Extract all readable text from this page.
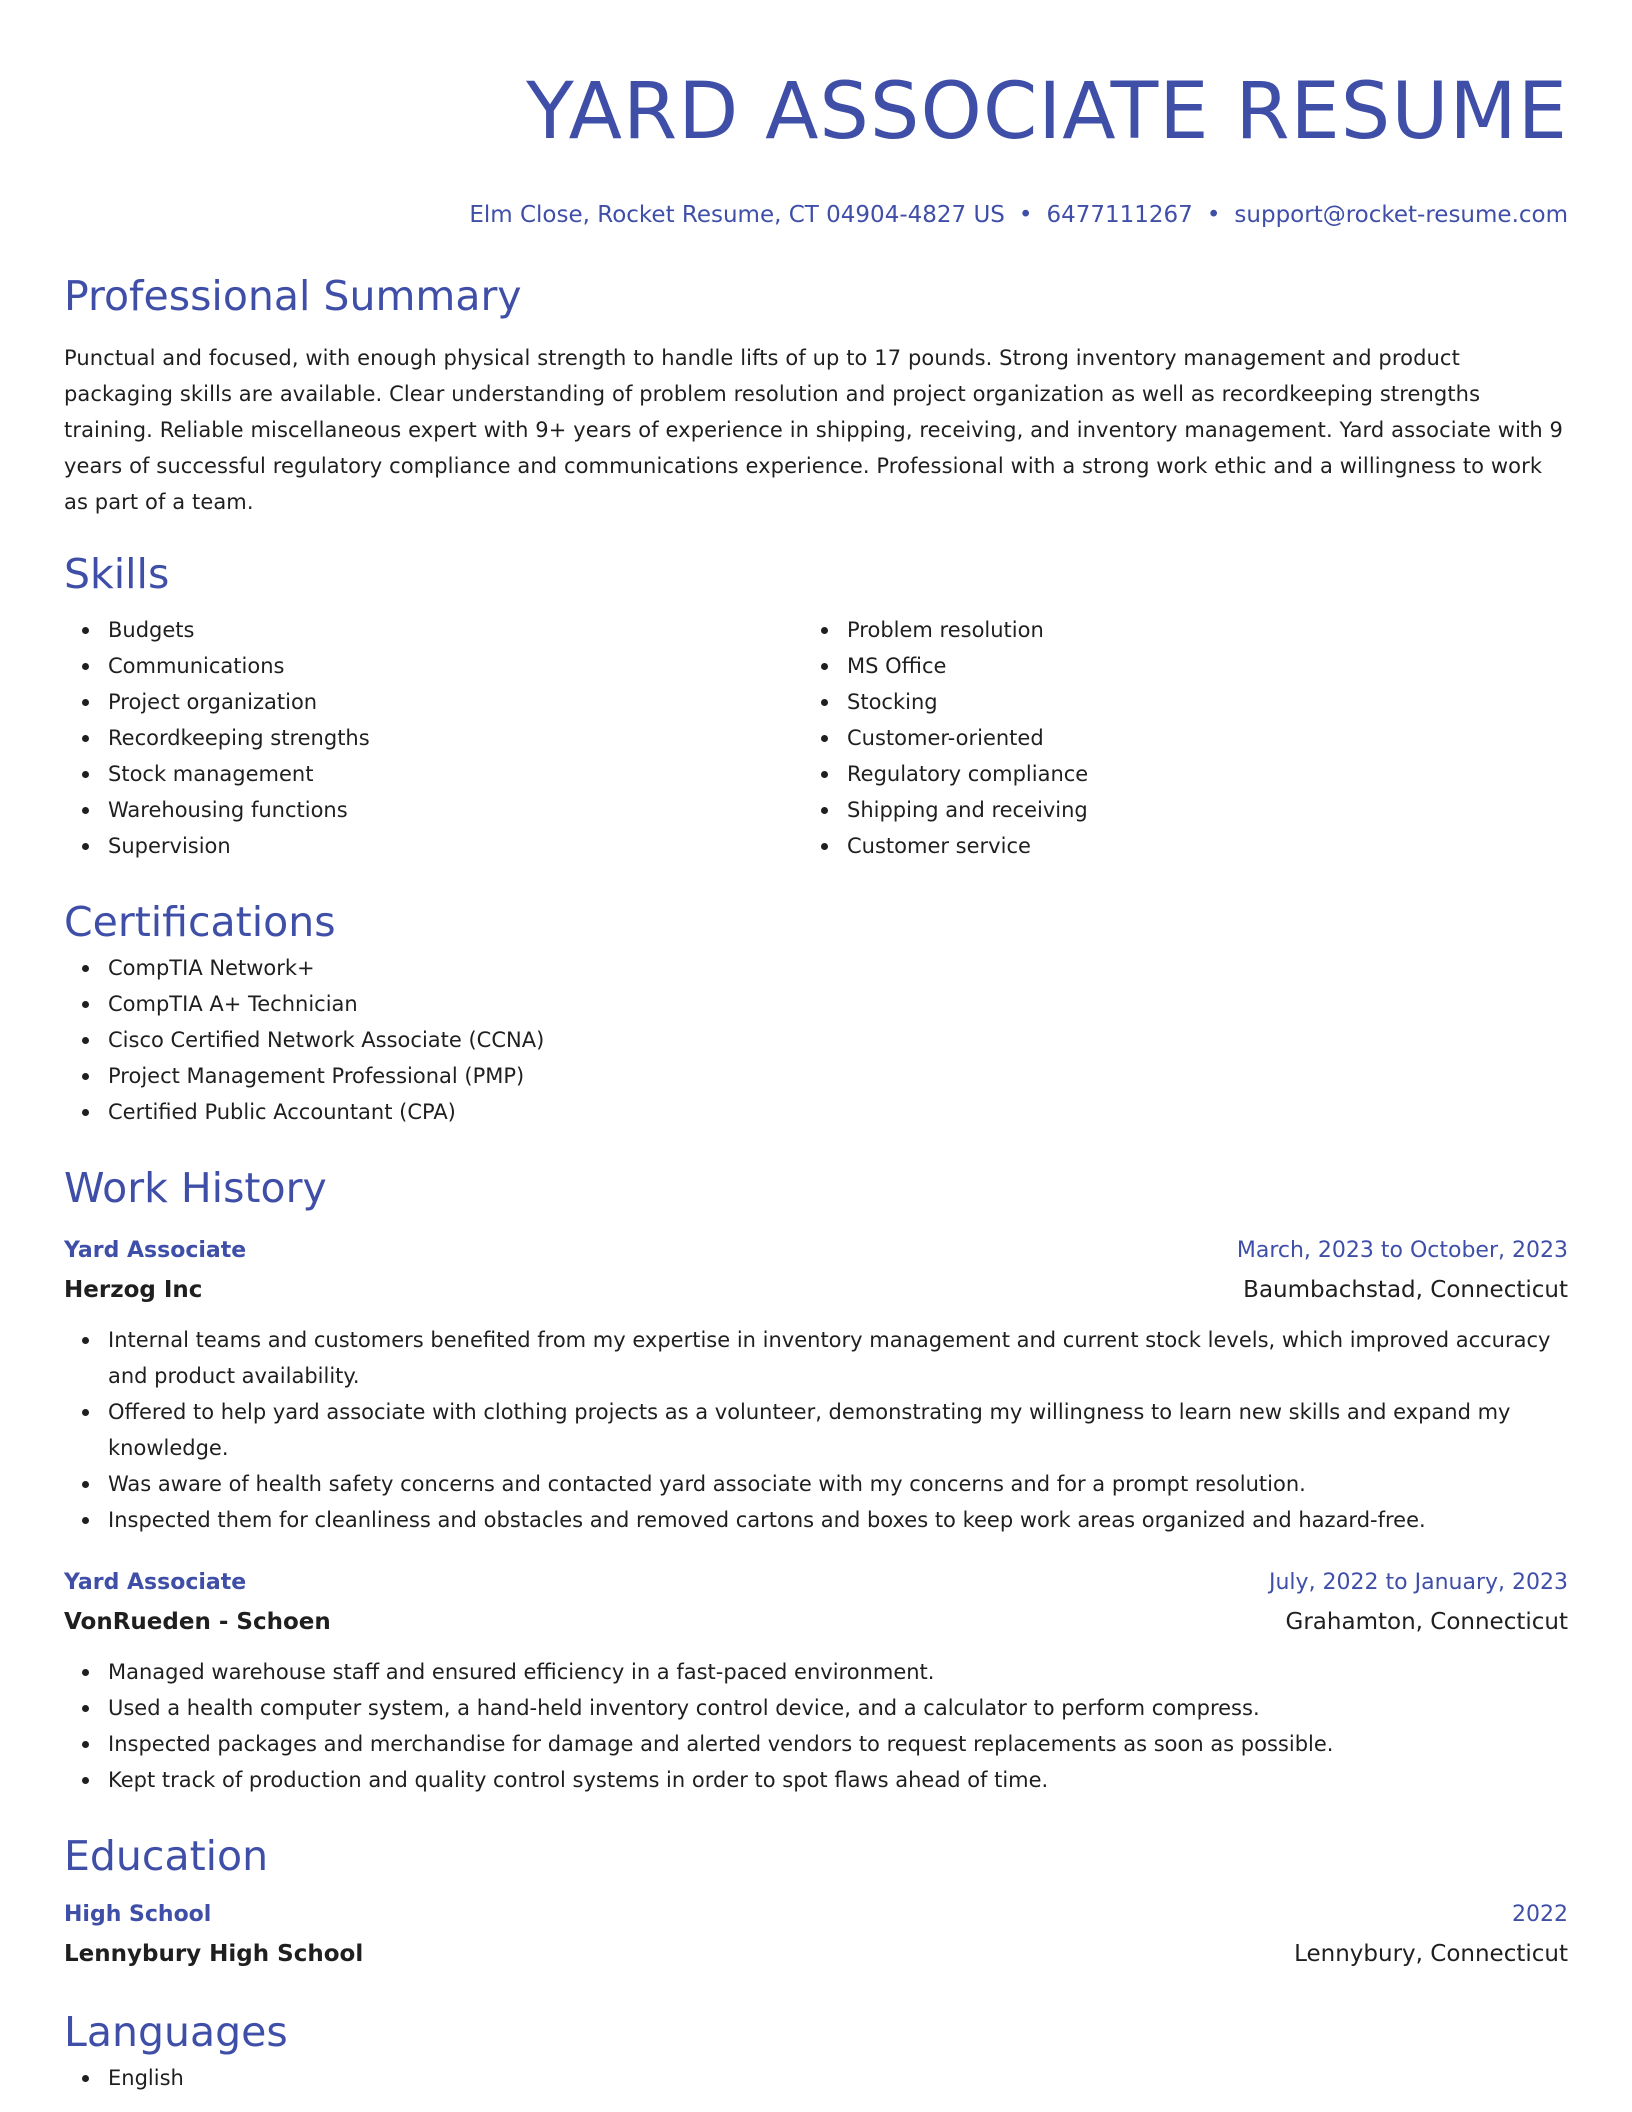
YARD ASSOCIATE RESUME
Elm Close, Rocket Resume, CT 04904-4827 US • 6477111267 • support@rocket-resume.com
Professional Summary

Punctual and focused, with enough physical strength to handle lifts of up to 17 pounds. Strong inventory management and product packaging skills are available. Clear understanding of problem resolution and project organization as well as recordkeeping strengths training. Reliable miscellaneous expert with 9+ years of experience in shipping, receiving, and inventory management. Yard associate with 9 years of successful regulatory compliance and communications experience. Professional with a strong work ethic and a willingness to work as part of a team.

Skills
Budgets
Communications
Project organization
Recordkeeping strengths
Stock management
Warehousing functions
Supervision
Problem resolution
MS Office
Stocking
Customer-oriented
Regulatory compliance
Shipping and receiving
Customer service
Certifications
CompTIA Network+
CompTIA A+ Technician
Cisco Certified Network Associate (CCNA)
Project Management Professional (PMP)
Certified Public Accountant (CPA)
Work History
Yard Associate	March, 2023 to October, 2023
Herzog Inc	Baumbachstad, Connecticut
Internal teams and customers benefited from my expertise in inventory management and current stock levels, which improved accuracy and product availability.
Offered to help yard associate with clothing projects as a volunteer, demonstrating my willingness to learn new skills and expand my knowledge.
Was aware of health safety concerns and contacted yard associate with my concerns and for a prompt resolution.
Inspected them for cleanliness and obstacles and removed cartons and boxes to keep work areas organized and hazard-free.
Yard Associate	July, 2022 to January, 2023
VonRueden - Schoen	Grahamton, Connecticut
Managed warehouse staff and ensured efficiency in a fast-paced environment.
Used a health computer system, a hand-held inventory control device, and a calculator to perform compress.
Inspected packages and merchandise for damage and alerted vendors to request replacements as soon as possible.
Kept track of production and quality control systems in order to spot flaws ahead of time.
Education
High School	2022
Lennybury High School	Lennybury, Connecticut
Languages
English
